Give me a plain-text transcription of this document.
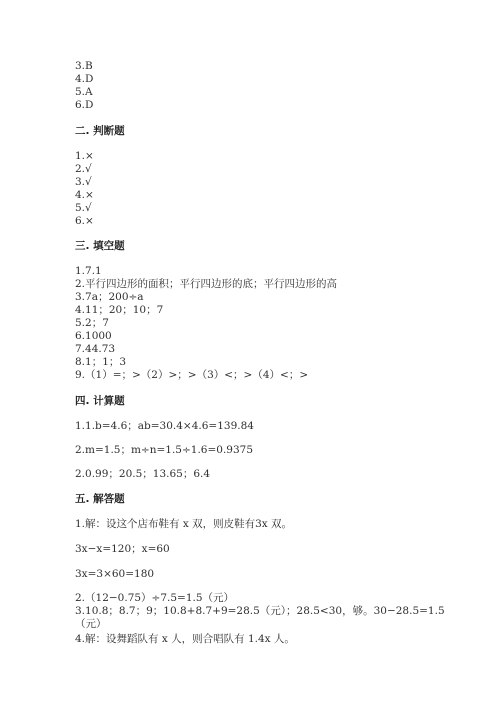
3.B
4.D
5.A
6.D
二. 判断题
1.×
2.√
3.√
4.×
5.√
6.×
三. 填空题
1.7.1
2.平行四边形的面积；平行四边形的底；平行四边形的高
3.7a；200÷a
4.11；20；10；7
5.2；7
6.1000
7.44.73
8.1；1；3
9.（1）=；>（2）>；>（3）<；>（4）<；>
四. 计算题
1.1.b=4.6；ab=30.4×4.6=139.84
2.m=1.5；m÷n=1.5÷1.6=0.9375
2.0.99；20.5；13.65；6.4
五. 解答题
1.解：设这个店布鞋有 x 双，则皮鞋有3x 双。
3x−x=120；x=60
3x=3×60=180
2.（12−0.75）÷7.5=1.5（元）
3.10.8；8.7；9；10.8+8.7+9=28.5（元）；28.5<30，够。30−28.5=1.5
（元）
4.解：设舞蹈队有 x 人，则合唱队有 1.4x 人。
